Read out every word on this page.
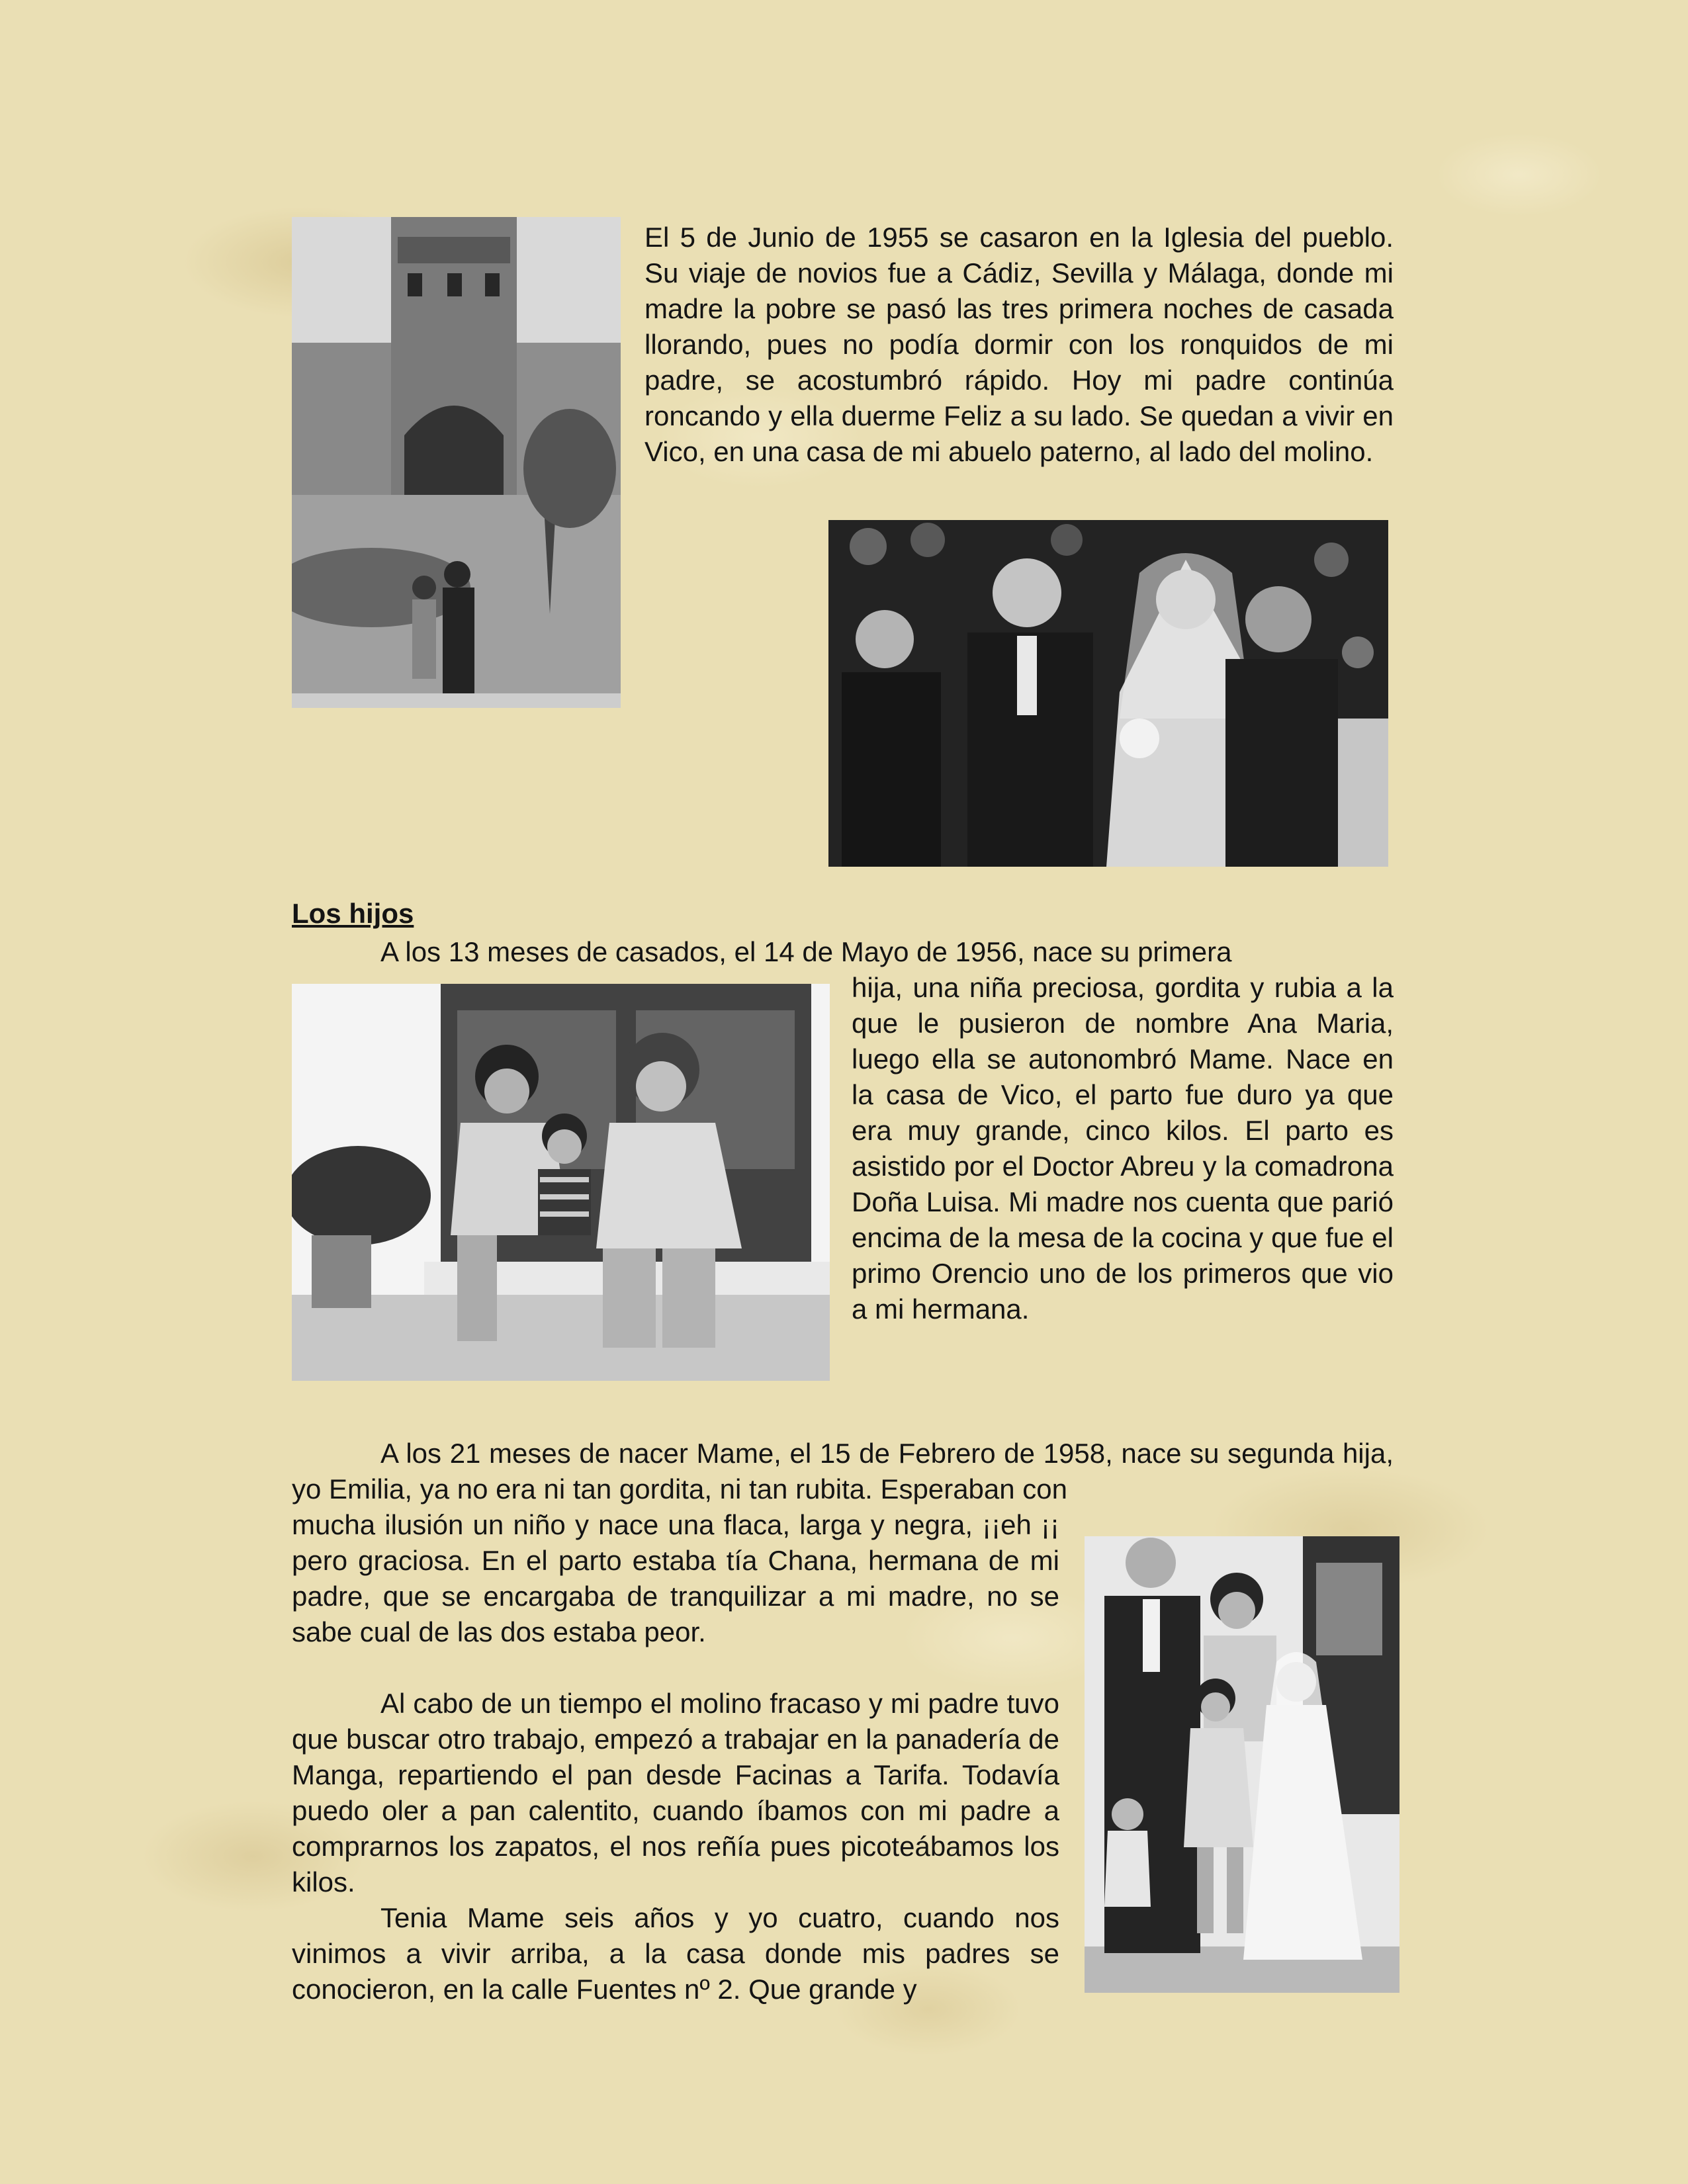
El 5 de Junio de 1955 se casaron en la Iglesia del pueblo. Su viaje de novios fue a Cádiz, Sevilla y Málaga, donde mi madre la pobre se pasó las tres primera noches de casada llorando, pues no podía dormir con los ronquidos de mi padre, se acostumbró rápido. Hoy mi padre continúa roncando y ella duerme Feliz a su lado. Se quedan a vivir en Vico, en una casa de mi abuelo paterno, al lado del molino.

Los hijos

A los 13 meses de casados, el 14 de Mayo de 1956, nace su primera

hija, una niña preciosa, gordita y rubia a la que le pusieron de nombre Ana Maria, luego ella se autonombró Mame. Nace en la casa de Vico, el parto fue duro ya que era muy grande, cinco kilos. El parto es asistido por el Doctor Abreu y la comadrona Doña Luisa. Mi madre nos cuenta que parió encima de la mesa de la cocina y que fue el primo Orencio uno de los primeros que vio a mi hermana.

A los 21 meses de nacer Mame, el 15 de Febrero de 1958, nace su segunda hija, yo Emilia, ya no era ni tan gordita, ni tan rubita. Esperaban con

mucha ilusión un niño y nace una flaca, larga y negra, ¡¡eh ¡¡ pero graciosa. En el parto estaba tía Chana, hermana de mi padre, que se encargaba de tranquilizar a mi madre, no se sabe cual de las dos estaba peor.

Al cabo de un tiempo el molino fracaso y mi padre tuvo que buscar otro trabajo, empezó a trabajar en la panadería de Manga, repartiendo el pan desde Facinas a Tarifa. Todavía puedo oler a pan calentito, cuando íbamos con mi padre a comprarnos los zapatos, el nos reñía pues picoteábamos los kilos.

Tenia Mame seis años y yo cuatro, cuando nos vinimos a vivir arriba, a la casa donde mis padres se conocieron, en la calle Fuentes nº 2. Que grande y
